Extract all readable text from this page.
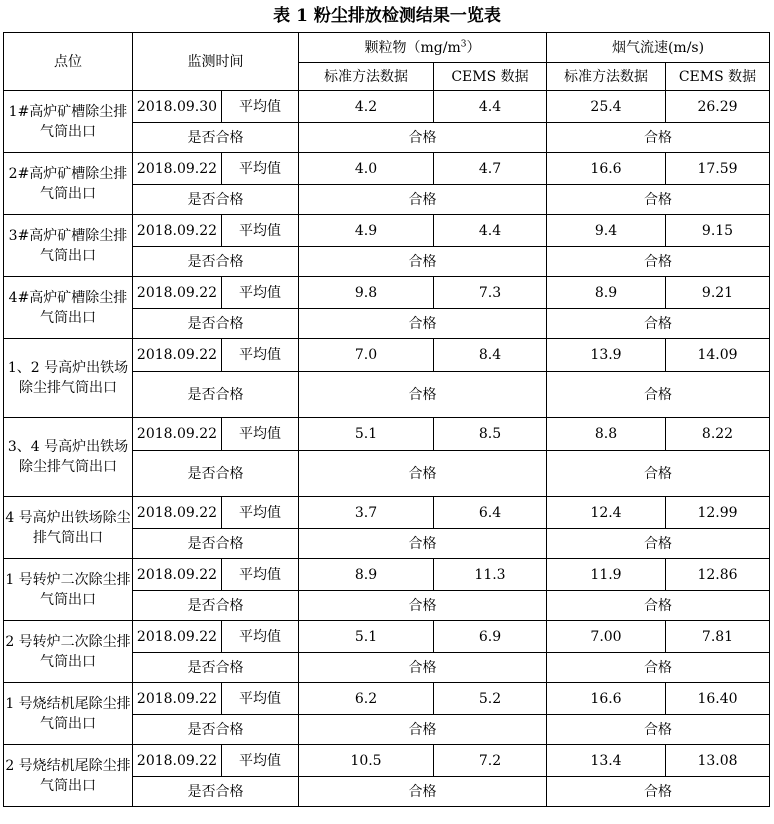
表 1 粉尘排放检测结果一览表
点位	监测时间		颗粒物$(mg/m^3)$		烟气流速(m/s)	
			标准方法数据	CEMS 数据	标准方法数据	CEMS 数据
1#高炉矿槽除尘排气筒出口	2018.09.30	平均值	4.2	4.4	25.4	26.29
	是否合格		合格		合格	
2#高炉矿槽除尘排气筒出口	2018.09.22	平均值	4.0	4.7	16.6	17.59
	是否合格		合格		合格	
3#高炉矿槽除尘排气筒出口	2018.09.22	平均值	4.9	4.4	9.4	9.15
	是否合格		合格		合格	
4#高炉矿槽除尘排气筒出口	2018.09.22	平均值	9.8	7.3	8.9	9.21
	是否合格		合格		合格	
1、2 号高炉出铁场除尘排气筒出口	2018.09.22	平均值	7.0	8.4	13.9	14.09
	是否合格		合格		合格	
3、4 号高炉出铁场除尘排气筒出口	2018.09.22	平均值	5.1	8.5	8.8	8.22
	是否合格		合格		合格	
4 号高炉出铁场除尘排气筒出口	2018.09.22	平均值	3.7	6.4	12.4	12.99
	是否合格		合格		合格	
1 号转炉二次除尘排气筒出口	2018.09.22	平均值	8.9	11.3	11.9	12.86
	是否合格		合格		合格	
2 号转炉二次除尘排气筒出口	2018.09.22	平均值	5.1	6.9	7.00	7.81
	是否合格		合格		合格	
1 号烧结机尾除尘排气筒出口	2018.09.22	平均值	6.2	5.2	16.6	16.40
	是否合格		合格		合格	
2 号烧结机尾除尘排气筒出口	2018.09.22	平均值	10.5	7.2	13.4	13.08
	是否合格		合格		合格	
